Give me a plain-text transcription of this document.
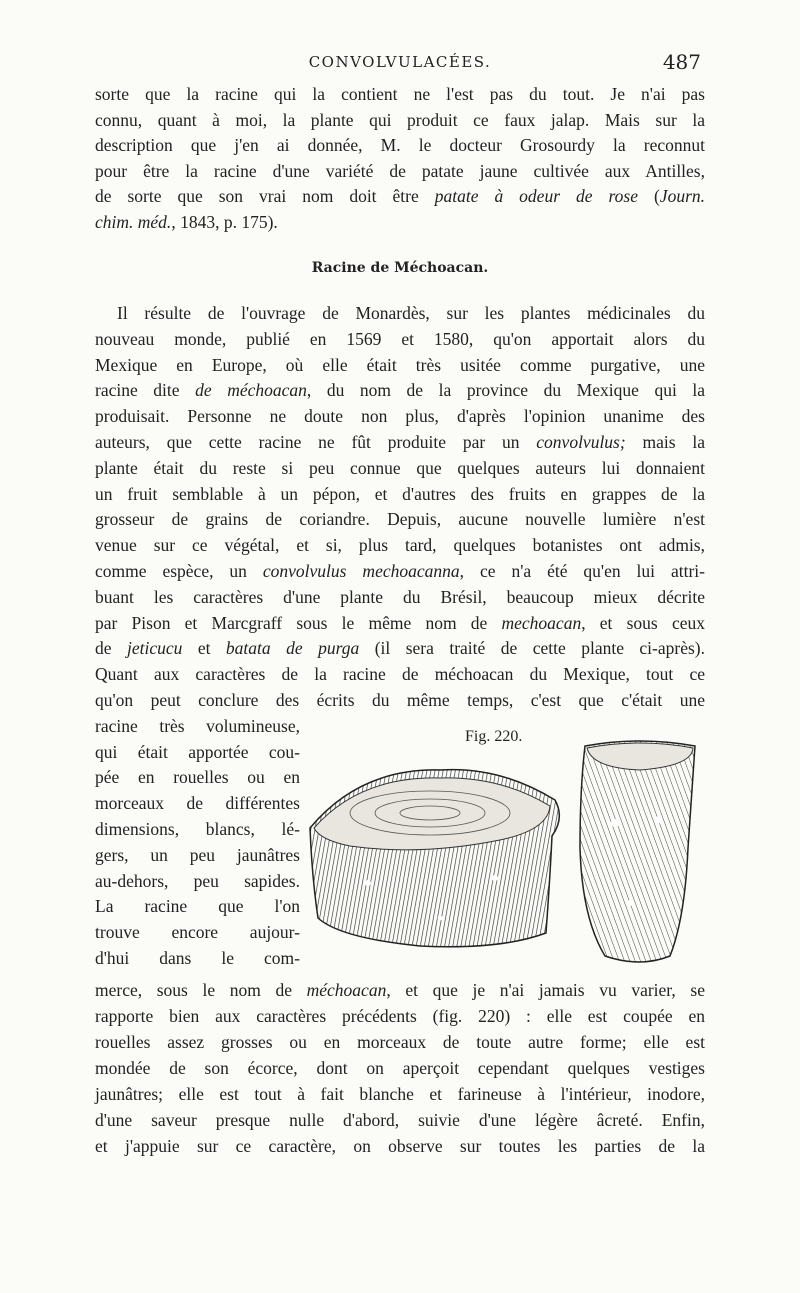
CONVOLVULACÉES.	487
sorte que la racine qui la contient ne l'est pas du tout. Je n'ai pas
connu, quant à moi, la plante qui produit ce faux jalap. Mais sur la
description que j'en ai donnée, M. le docteur Grosourdy la reconnut
pour être la racine d'une variété de patate jaune cultivée aux Antilles,
de sorte que son vrai nom doit être patate à odeur de rose (Journ.
chim. méd., 1843, p. 175).
Racine de Méchoacan.
Il résulte de l'ouvrage de Monardès, sur les plantes médicinales du
nouveau monde, publié en 1569 et 1580, qu'on apportait alors du
Mexique en Europe, où elle était très usitée comme purgative, une
racine dite de méchoacan, du nom de la province du Mexique qui la
produisait. Personne ne doute non plus, d'après l'opinion unanime des
auteurs, que cette racine ne fût produite par un convolvulus; mais la
plante était du reste si peu connue que quelques auteurs lui donnaient
un fruit semblable à un pépon, et d'autres des fruits en grappes de la
grosseur de grains de coriandre. Depuis, aucune nouvelle lumière n'est
venue sur ce végétal, et si, plus tard, quelques botanistes ont admis,
comme espèce, un convolvulus mechoacanna, ce n'a été qu'en lui attri-
buant les caractères d'une plante du Brésil, beaucoup mieux décrite
par Pison et Marcgraff sous le même nom de mechoacan, et sous ceux
de jeticucu et batata de purga (il sera traité de cette plante ci-après).
Quant aux caractères de la racine de méchoacan du Mexique, tout ce
qu'on peut conclure des écrits du même temps, c'est que c'était une
racine très volumineuse,
qui était apportée cou-
pée en rouelles ou en
morceaux de différentes
dimensions, blancs, lé-
gers, un peu jaunâtres
au-dehors, peu sapides.
La racine que l'on
trouve encore aujour-
d'hui dans le com-
Fig. 220.
merce, sous le nom de méchoacan, et que je n'ai jamais vu varier, se
rapporte bien aux caractères précédents (fig. 220) : elle est coupée en
rouelles assez grosses ou en morceaux de toute autre forme; elle est
mondée de son écorce, dont on aperçoit cependant quelques vestiges
jaunâtres; elle est tout à fait blanche et farineuse à l'intérieur, inodore,
d'une saveur presque nulle d'abord, suivie d'une légère âcreté. Enfin,
et j'appuie sur ce caractère, on observe sur toutes les parties de la
